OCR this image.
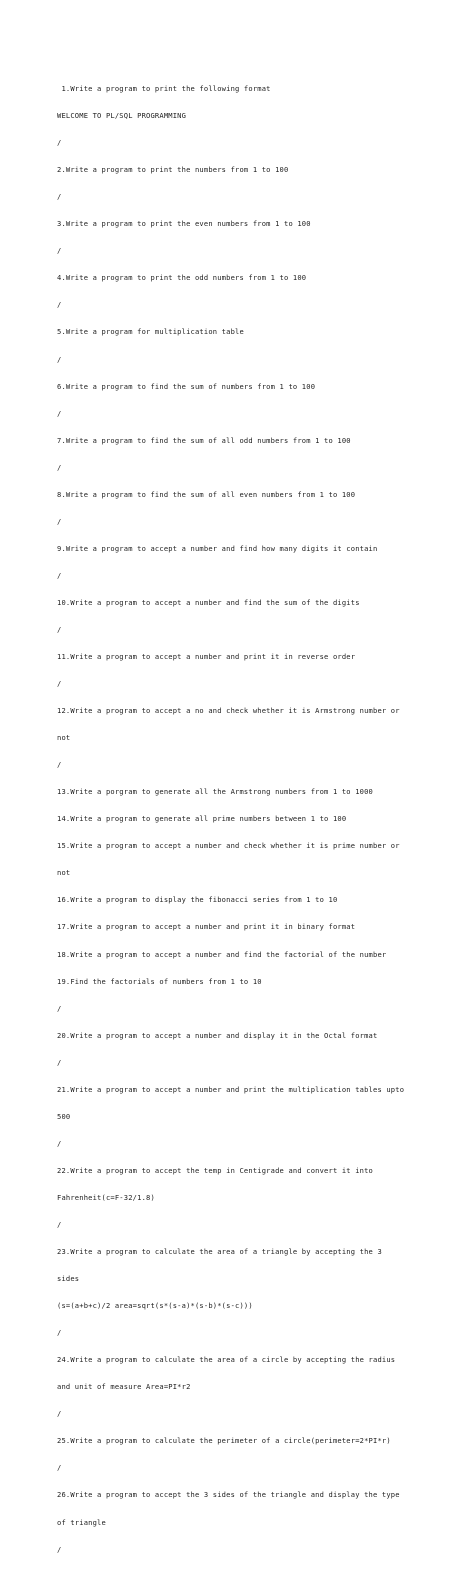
1.Write a program to print the following format

WELCOME TO PL/SQL PROGRAMMING

/

2.Write a program to print the numbers from 1 to 100

/

3.Write a program to print the even numbers from 1 to 100

/

4.Write a program to print the odd numbers from 1 to 100

/

5.Write a program for multiplication table

/

6.Write a program to find the sum of numbers from 1 to 100

/

7.Write a program to find the sum of all odd numbers from 1 to 100

/

8.Write a program to find the sum of all even numbers from 1 to 100

/

9.Write a program to accept a number and find how many digits it contain

/

10.Write a program to accept a number and find the sum of the digits

/

11.Write a program to accept a number and print it in reverse order

/

12.Write a program to accept a no and check whether it is Armstrong number or

not

/

13.Write a porgram to generate all the Armstrong numbers from 1 to 1000

14.Write a program to generate all prime numbers between 1 to 100

15.Write a program to accept a number and check whether it is prime number or

not

16.Write a program to display the fibonacci series from 1 to 10

17.Write a program to accept a number and print it in binary format

18.Write a program to accept a number and find the factorial of the number

19.Find the factorials of numbers from 1 to 10

/

20.Write a program to accept a number and display it in the Octal format

/

21.Write a program to accept a number and print the multiplication tables upto

500

/

22.Write a program to accept the temp in Centigrade and convert it into

Fahrenheit(c=F-32/1.8)

/

23.Write a program to calculate the area of a triangle by accepting the 3

sides

(s=(a+b+c)/2 area=sqrt(s*(s-a)*(s-b)*(s-c)))

/

24.Write a program to calculate the area of a circle by accepting the radius

and unit of measure Area=PI*r2

/

25.Write a program to calculate the perimeter of a circle(perimeter=2*PI*r)

/

26.Write a program to accept the 3 sides of the triangle and display the type

of triangle

/
